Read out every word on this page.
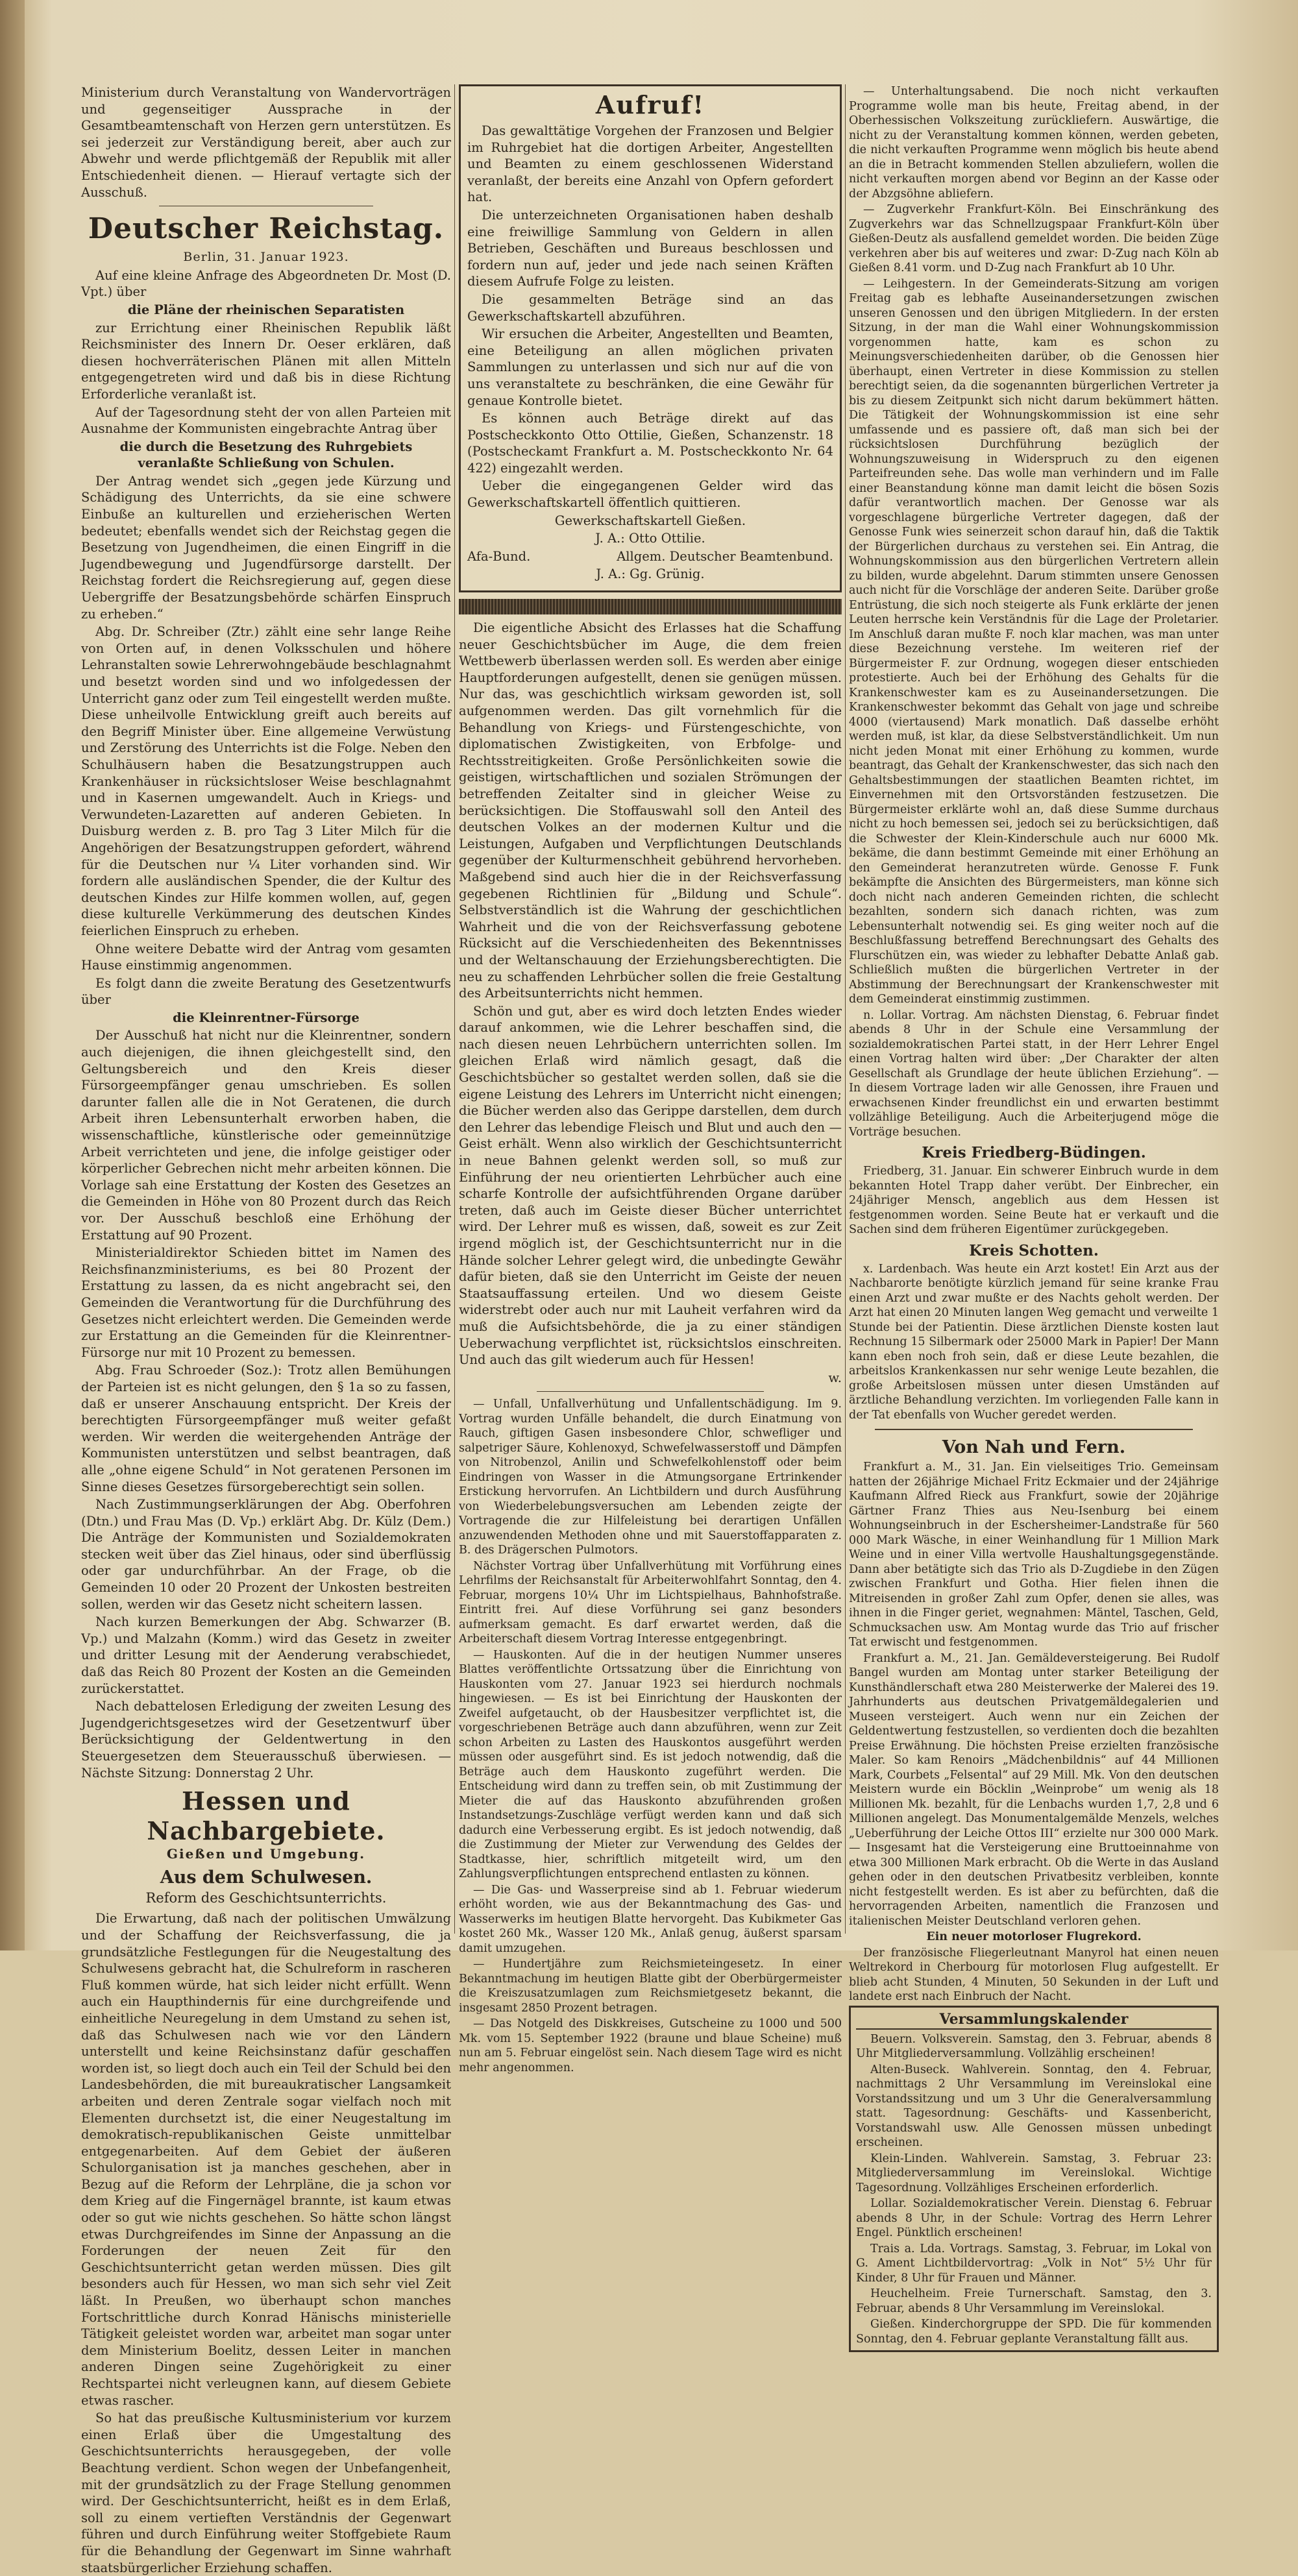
Ministerium durch Veranstaltung von Wandervorträgen und gegenseitiger Aussprache in der Gesamtbeamtenschaft von Herzen gern unterstützen. Es sei jederzeit zur Verständigung bereit, aber auch zur Abwehr und werde pflichtgemäß der Republik mit aller Entschiedenheit dienen. — Hierauf vertagte sich der Ausschuß.

Deutscher Reichstag.

Berlin, 31. Januar 1923.

Auf eine kleine Anfrage des Abgeordneten Dr. Most (D. Vpt.) über

die Pläne der rheinischen Separatisten

zur Errichtung einer Rheinischen Republik läßt Reichsminister des Innern Dr. Oeser erklären, daß diesen hochverräterischen Plänen mit allen Mitteln entgegengetreten wird und daß bis in diese Richtung Erforderliche veranlaßt ist.

Auf der Tagesordnung steht der von allen Parteien mit Ausnahme der Kommunisten eingebrachte Antrag über

die durch die Besetzung des Ruhrgebiets veranlaßte Schließung von Schulen.

Der Antrag wendet sich „gegen jede Kürzung und Schädigung des Unterrichts, da sie eine schwere Einbuße an kulturellen und erzieherischen Werten bedeutet; ebenfalls wendet sich der Reichstag gegen die Besetzung von Jugendheimen, die einen Eingriff in die Jugendbewegung und Jugendfürsorge darstellt. Der Reichstag fordert die Reichsregierung auf, gegen diese Uebergriffe der Besatzungsbehörde schärfen Einspruch zu erheben.“

Abg. Dr. Schreiber (Ztr.) zählt eine sehr lange Reihe von Orten auf, in denen Volksschulen und höhere Lehranstalten sowie Lehrerwohngebäude beschlagnahmt und besetzt worden sind und wo infolgedessen der Unterricht ganz oder zum Teil eingestellt werden mußte. Diese unheilvolle Entwicklung greift auch bereits auf den Begriff Minister über. Eine allgemeine Verwüstung und Zerstörung des Unterrichts ist die Folge. Neben den Schulhäusern haben die Besatzungstruppen auch Krankenhäuser in rücksichtsloser Weise beschlagnahmt und in Kasernen umgewandelt. Auch in Kriegs- und Verwundeten-Lazaretten auf anderen Gebieten. In Duisburg werden z. B. pro Tag 3 Liter Milch für die Angehörigen der Besatzungstruppen gefordert, während für die Deutschen nur ¼ Liter vorhanden sind. Wir fordern alle ausländischen Spender, die der Kultur des deutschen Kindes zur Hilfe kommen wollen, auf, gegen diese kulturelle Verkümmerung des deutschen Kindes feierlichen Einspruch zu erheben.

Ohne weitere Debatte wird der Antrag vom gesamten Hause einstimmig angenommen.

Es folgt dann die zweite Beratung des Gesetzentwurfs über

die Kleinrentner-Fürsorge

Der Ausschuß hat nicht nur die Kleinrentner, sondern auch diejenigen, die ihnen gleichgestellt sind, den Geltungsbereich und den Kreis dieser Fürsorgeempfänger genau umschrieben. Es sollen darunter fallen alle die in Not Geratenen, die durch Arbeit ihren Lebensunterhalt erworben haben, die wissenschaftliche, künstlerische oder gemeinnützige Arbeit verrichteten und jene, die infolge geistiger oder körperlicher Gebrechen nicht mehr arbeiten können. Die Vorlage sah eine Erstattung der Kosten des Gesetzes an die Gemeinden in Höhe von 80 Prozent durch das Reich vor. Der Ausschuß beschloß eine Erhöhung der Erstattung auf 90 Prozent.

Ministerialdirektor Schieden bittet im Namen des Reichsfinanzministeriums, es bei 80 Prozent der Erstattung zu lassen, da es nicht angebracht sei, den Gemeinden die Verantwortung für die Durchführung des Gesetzes nicht erleichtert werden. Die Gemeinden werde zur Erstattung an die Gemeinden für die Kleinrentner-Fürsorge nur mit 10 Prozent zu bemessen.

Abg. Frau Schroeder (Soz.): Trotz allen Bemühungen der Parteien ist es nicht gelungen, den § 1a so zu fassen, daß er unserer Anschauung entspricht. Der Kreis der berechtigten Fürsorgeempfänger muß weiter gefaßt werden. Wir werden die weitergehenden Anträge der Kommunisten unterstützen und selbst beantragen, daß alle „ohne eigene Schuld“ in Not geratenen Personen im Sinne dieses Gesetzes fürsorgeberechtigt sein sollen.

Nach Zustimmungserklärungen der Abg. Oberfohren (Dtn.) und Frau Mas (D. Vp.) erklärt Abg. Dr. Külz (Dem.) Die Anträge der Kommunisten und Sozialdemokraten stecken weit über das Ziel hinaus, oder sind überflüssig oder gar undurchführbar. An der Frage, ob die Gemeinden 10 oder 20 Prozent der Unkosten bestreiten sollen, werden wir das Gesetz nicht scheitern lassen.

Nach kurzen Bemerkungen der Abg. Schwarzer (B. Vp.) und Malzahn (Komm.) wird das Gesetz in zweiter und dritter Lesung mit der Aenderung verabschiedet, daß das Reich 80 Prozent der Kosten an die Gemeinden zurückerstattet.

Nach debattelosen Erledigung der zweiten Lesung des Jugendgerichtsgesetzes wird der Gesetzentwurf über Berücksichtigung der Geldentwertung in den Steuergesetzen dem Steuerausschuß überwiesen. — Nächste Sitzung: Donnerstag 2 Uhr.

Hessen und Nachbargebiete.
Gießen und Umgebung.
Aus dem Schulwesen.
Reform des Geschichtsunterrichts.

Die Erwartung, daß nach der politischen Umwälzung und der Schaffung der Reichsverfassung, die ja grundsätzliche Festlegungen für die Neugestaltung des Schulwesens gebracht hat, die Schulreform in rascheren Fluß kommen würde, hat sich leider nicht erfüllt. Wenn auch ein Haupthindernis für eine durchgreifende und einheitliche Neuregelung in dem Umstand zu sehen ist, daß das Schulwesen nach wie vor den Ländern unterstellt und keine Reichsinstanz dafür geschaffen worden ist, so liegt doch auch ein Teil der Schuld bei den Landesbehörden, die mit bureaukratischer Langsamkeit arbeiten und deren Zentrale sogar vielfach noch mit Elementen durchsetzt ist, die einer Neugestaltung im demokratisch-republikanischen Geiste unmittelbar entgegenarbeiten. Auf dem Gebiet der äußeren Schulorganisation ist ja manches geschehen, aber in Bezug auf die Reform der Lehrpläne, die ja schon vor dem Krieg auf die Fingernägel brannte, ist kaum etwas oder so gut wie nichts geschehen. So hätte schon längst etwas Durchgreifendes im Sinne der Anpassung an die Forderungen der neuen Zeit für den Geschichtsunterricht getan werden müssen. Dies gilt besonders auch für Hessen, wo man sich sehr viel Zeit läßt. In Preußen, wo überhaupt schon manches Fortschrittliche durch Konrad Hänischs ministerielle Tätigkeit geleistet worden war, arbeitet man sogar unter dem Ministerium Boelitz, dessen Leiter in manchen anderen Dingen seine Zugehörigkeit zu einer Rechtspartei nicht verleugnen kann, auf diesem Gebiete etwas rascher.

So hat das preußische Kultusministerium vor kurzem einen Erlaß über die Umgestaltung des Geschichtsunterrichts herausgegeben, der volle Beachtung verdient. Schon wegen der Unbefangenheit, mit der grundsätzlich zu der Frage Stellung genommen wird. Der Geschichtsunterricht, heißt es in dem Erlaß, soll zu einem vertieften Verständnis der Gegenwart führen und durch Einführung weiter Stoffgebiete Raum für die Behandlung der Gegenwart im Sinne wahrhaft staatsbürgerlicher Erziehung schaffen.

Aufruf!

Das gewalttätige Vorgehen der Franzosen und Belgier im Ruhrgebiet hat die dortigen Arbeiter, Angestellten und Beamten zu einem geschlossenen Widerstand veranlaßt, der bereits eine Anzahl von Opfern gefordert hat.

Die unterzeichneten Organisationen haben deshalb eine freiwillige Sammlung von Geldern in allen Betrieben, Geschäften und Bureaus beschlossen und fordern nun auf, jeder und jede nach seinen Kräften diesem Aufrufe Folge zu leisten.

Die gesammelten Beträge sind an das Gewerkschaftskartell abzuführen.

Wir ersuchen die Arbeiter, Angestellten und Beamten, eine Beteiligung an allen möglichen privaten Sammlungen zu unterlassen und sich nur auf die von uns veranstaltete zu beschränken, die eine Gewähr für genaue Kontrolle bietet.

Es können auch Beträge direkt auf das Postscheckkonto Otto Ottilie, Gießen, Schanzenstr. 18 (Postscheckamt Frankfurt a. M. Postscheckkonto Nr. 64 422) eingezahlt werden.

Ueber die eingegangenen Gelder wird das Gewerkschaftskartell öffentlich quittieren.

Gewerkschaftskartell Gießen.

J. A.: Otto Ottilie.

Afa-Bund.	Allgem. Deutscher Beamtenbund.

J. A.: Gg. Grünig.

Die eigentliche Absicht des Erlasses hat die Schaffung neuer Geschichtsbücher im Auge, die dem freien Wettbewerb überlassen werden soll. Es werden aber einige Hauptforderungen aufgestellt, denen sie genügen müssen. Nur das, was geschichtlich wirksam geworden ist, soll aufgenommen werden. Das gilt vornehmlich für die Behandlung von Kriegs- und Fürstengeschichte, von diplomatischen Zwistigkeiten, von Erbfolge- und Rechtsstreitigkeiten. Große Persönlichkeiten sowie die geistigen, wirtschaftlichen und sozialen Strömungen der betreffenden Zeitalter sind in gleicher Weise zu berücksichtigen. Die Stoffauswahl soll den Anteil des deutschen Volkes an der modernen Kultur und die Leistungen, Aufgaben und Verpflichtungen Deutschlands gegenüber der Kulturmenschheit gebührend hervorheben. Maßgebend sind auch hier die in der Reichsverfassung gegebenen Richtlinien für „Bildung und Schule“. Selbstverständlich ist die Wahrung der geschichtlichen Wahrheit und die von der Reichsverfassung gebotene Rücksicht auf die Verschiedenheiten des Bekenntnisses und der Weltanschauung der Erziehungsberechtigten. Die neu zu schaffenden Lehrbücher sollen die freie Gestaltung des Arbeitsunterrichts nicht hemmen.

Schön und gut, aber es wird doch letzten Endes wieder darauf ankommen, wie die Lehrer beschaffen sind, die nach diesen neuen Lehrbüchern unterrichten sollen. Im gleichen Erlaß wird nämlich gesagt, daß die Geschichtsbücher so gestaltet werden sollen, daß sie die eigene Leistung des Lehrers im Unterricht nicht einengen; die Bücher werden also das Gerippe darstellen, dem durch den Lehrer das lebendige Fleisch und Blut und auch den — Geist erhält. Wenn also wirklich der Geschichtsunterricht in neue Bahnen gelenkt werden soll, so muß zur Einführung der neu orientierten Lehrbücher auch eine scharfe Kontrolle der aufsichtführenden Organe darüber treten, daß auch im Geiste dieser Bücher unterrichtet wird. Der Lehrer muß es wissen, daß, soweit es zur Zeit irgend möglich ist, der Geschichtsunterricht nur in die Hände solcher Lehrer gelegt wird, die unbedingte Gewähr dafür bieten, daß sie den Unterricht im Geiste der neuen Staatsauffassung erteilen. Und wo diesem Geiste widerstrebt oder auch nur mit Lauheit verfahren wird da muß die Aufsichtsbehörde, die ja zu einer ständigen Ueberwachung verpflichtet ist, rücksichtslos einschreiten. Und auch das gilt wiederum auch für Hessen!

w.

— Unfall, Unfallverhütung und Unfallentschädigung. Im 9. Vortrag wurden Unfälle behandelt, die durch Einatmung von Rauch, giftigen Gasen insbesondere Chlor, schwefliger und salpetriger Säure, Kohlenoxyd, Schwefelwasserstoff und Dämpfen von Nitrobenzol, Anilin und Schwefelkohlenstoff oder beim Eindringen von Wasser in die Atmungsorgane Ertrinkender Erstickung hervorrufen. An Lichtbildern und durch Ausführung von Wiederbelebungsversuchen am Lebenden zeigte der Vortragende die zur Hilfeleistung bei derartigen Unfällen anzuwendenden Methoden ohne und mit Sauerstoffapparaten z. B. des Drägerschen Pulmotors.

Nächster Vortrag über Unfallverhütung mit Vorführung eines Lehrfilms der Reichsanstalt für Arbeiterwohlfahrt Sonntag, den 4. Februar, morgens 10¼ Uhr im Lichtspielhaus, Bahnhofstraße. Eintritt frei. Auf diese Vorführung sei ganz besonders aufmerksam gemacht. Es darf erwartet werden, daß die Arbeiterschaft diesem Vortrag Interesse entgegenbringt.

— Hauskonten. Auf die in der heutigen Nummer unseres Blattes veröffentlichte Ortssatzung über die Einrichtung von Hauskonten vom 27. Januar 1923 sei hierdurch nochmals hingewiesen. — Es ist bei Einrichtung der Hauskonten der Zweifel aufgetaucht, ob der Hausbesitzer verpflichtet ist, die vorgeschriebenen Beträge auch dann abzuführen, wenn zur Zeit schon Arbeiten zu Lasten des Hauskontos ausgeführt werden müssen oder ausgeführt sind. Es ist jedoch notwendig, daß die Beträge auch dem Hauskonto zugeführt werden. Die Entscheidung wird dann zu treffen sein, ob mit Zustimmung der Mieter die auf das Hauskonto abzuführenden großen Instandsetzungs-Zuschläge verfügt werden kann und daß sich dadurch eine Verbesserung ergibt. Es ist jedoch notwendig, daß die Zustimmung der Mieter zur Verwendung des Geldes der Stadtkasse, hier, schriftlich mitgeteilt wird, um den Zahlungsverpflichtungen entsprechend entlasten zu können.

— Die Gas- und Wasserpreise sind ab 1. Februar wiederum erhöht worden, wie aus der Bekanntmachung des Gas- und Wasserwerks im heutigen Blatte hervorgeht. Das Kubikmeter Gas kostet 260 Mk., Wasser 120 Mk., Anlaß genug, äußerst sparsam damit umzugehen.

— Hundertjähre zum Reichsmieteingesetz. In einer Bekanntmachung im heutigen Blatte gibt der Oberbürgermeister die Kreiszusatzumlagen zum Reichsmietgesetz bekannt, die insgesamt 2850 Prozent betragen.

— Das Notgeld des Diskkreises, Gutscheine zu 1000 und 500 Mk. vom 15. September 1922 (braune und blaue Scheine) muß nun am 5. Februar eingelöst sein. Nach diesem Tage wird es nicht mehr angenommen.

— Unterhaltungsabend. Die noch nicht verkauften Programme wolle man bis heute, Freitag abend, in der Oberhessischen Volkszeitung zurückliefern. Auswärtige, die nicht zu der Veranstaltung kommen können, werden gebeten, die nicht verkauften Programme wenn möglich bis heute abend an die in Betracht kommenden Stellen abzuliefern, wollen die nicht verkauften morgen abend vor Beginn an der Kasse oder der Abzgsöhne abliefern.

— Zugverkehr Frankfurt-Köln. Bei Einschränkung des Zugverkehrs war das Schnellzugspaar Frankfurt-Köln über Gießen-Deutz als ausfallend gemeldet worden. Die beiden Züge verkehren aber bis auf weiteres und zwar: D-Zug nach Köln ab Gießen 8.41 vorm. und D-Zug nach Frankfurt ab 10 Uhr.

— Leihgestern. In der Gemeinderats-Sitzung am vorigen Freitag gab es lebhafte Auseinandersetzungen zwischen unseren Genossen und den übrigen Mitgliedern. In der ersten Sitzung, in der man die Wahl einer Wohnungskommission vorgenommen hatte, kam es schon zu Meinungsverschiedenheiten darüber, ob die Genossen hier überhaupt, einen Vertreter in diese Kommission zu stellen berechtigt seien, da die sogenannten bürgerlichen Vertreter ja bis zu diesem Zeitpunkt sich nicht darum bekümmert hätten. Die Tätigkeit der Wohnungskommission ist eine sehr umfassende und es passiere oft, daß man sich bei der rücksichtslosen Durchführung bezüglich der Wohnungszuweisung in Widerspruch zu den eigenen Parteifreunden sehe. Das wolle man verhindern und im Falle einer Beanstandung könne man damit leicht die bösen Sozis dafür verantwortlich machen. Der Genosse war als vorgeschlagene bürgerliche Vertreter dagegen, daß der Genosse Funk wies seinerzeit schon darauf hin, daß die Taktik der Bürgerlichen durchaus zu verstehen sei. Ein Antrag, die Wohnungskommission aus den bürgerlichen Vertretern allein zu bilden, wurde abgelehnt. Darum stimmten unsere Genossen auch nicht für die Vorschläge der anderen Seite. Darüber große Entrüstung, die sich noch steigerte als Funk erklärte der jenen Leuten herrsche kein Verständnis für die Lage der Proletarier. Im Anschluß daran mußte F. noch klar machen, was man unter diese Bezeichnung verstehe. Im weiteren rief der Bürgermeister F. zur Ordnung, wogegen dieser entschieden protestierte. Auch bei der Erhöhung des Gehalts für die Krankenschwester kam es zu Auseinandersetzungen. Die Krankenschwester bekommt das Gehalt von jage und schreibe 4000 (viertausend) Mark monatlich. Daß dasselbe erhöht werden muß, ist klar, da diese Selbstverständlichkeit. Um nun nicht jeden Monat mit einer Erhöhung zu kommen, wurde beantragt, das Gehalt der Krankenschwester, das sich nach den Gehaltsbestimmungen der staatlichen Beamten richtet, im Einvernehmen mit den Ortsvorständen festzusetzen. Die Bürgermeister erklärte wohl an, daß diese Summe durchaus nicht zu hoch bemessen sei, jedoch sei zu berücksichtigen, daß die Schwester der Klein-Kinderschule auch nur 6000 Mk. bekäme, die dann bestimmt Gemeinde mit einer Erhöhung an den Gemeinderat heranzutreten würde. Genosse F. Funk bekämpfte die Ansichten des Bürgermeisters, man könne sich doch nicht nach anderen Gemeinden richten, die schlecht bezahlten, sondern sich danach richten, was zum Lebensunterhalt notwendig sei. Es ging weiter noch auf die Beschlußfassung betreffend Berechnungsart des Gehalts des Flurschützen ein, was wieder zu lebhafter Debatte Anlaß gab. Schließlich mußten die bürgerlichen Vertreter in der Abstimmung der Berechnungsart der Krankenschwester mit dem Gemeinderat einstimmig zustimmen.

n. Lollar. Vortrag. Am nächsten Dienstag, 6. Februar findet abends 8 Uhr in der Schule eine Versammlung der sozialdemokratischen Partei statt, in der Herr Lehrer Engel einen Vortrag halten wird über: „Der Charakter der alten Gesellschaft als Grundlage der heute üblichen Erziehung“. — In diesem Vortrage laden wir alle Genossen, ihre Frauen und erwachsenen Kinder freundlichst ein und erwarten bestimmt vollzählige Beteiligung. Auch die Arbeiterjugend möge die Vorträge besuchen.

Kreis Friedberg-Büdingen.

Friedberg, 31. Januar. Ein schwerer Einbruch wurde in dem bekannten Hotel Trapp daher verübt. Der Einbrecher, ein 24jähriger Mensch, angeblich aus dem Hessen ist festgenommen worden. Seine Beute hat er verkauft und die Sachen sind dem früheren Eigentümer zurückgegeben.

Kreis Schotten.

x. Lardenbach. Was heute ein Arzt kostet! Ein Arzt aus der Nachbarorte benötigte kürzlich jemand für seine kranke Frau einen Arzt und zwar mußte er des Nachts geholt werden. Der Arzt hat einen 20 Minuten langen Weg gemacht und verweilte 1 Stunde bei der Patientin. Diese ärztlichen Dienste kosten laut Rechnung 15 Silbermark oder 25000 Mark in Papier! Der Mann kann eben noch froh sein, daß er diese Leute bezahlen, die arbeitslos Krankenkassen nur sehr wenige Leute bezahlen, die große Arbeitslosen müssen unter diesen Umständen auf ärztliche Behandlung verzichten. Im vorliegenden Falle kann in der Tat ebenfalls von Wucher geredet werden.

Von Nah und Fern.

Frankfurt a. M., 31. Jan. Ein vielseitiges Trio. Gemeinsam hatten der 26jährige Michael Fritz Eckmaier und der 24jährige Kaufmann Alfred Rieck aus Frankfurt, sowie der 20jährige Gärtner Franz Thies aus Neu-Isenburg bei einem Wohnungseinbruch in der Eschersheimer-Landstraße für 560 000 Mark Wäsche, in einer Weinhandlung für 1 Million Mark Weine und in einer Villa wertvolle Haushaltungsgegenstände. Dann aber betätigte sich das Trio als D-Zugdiebe in den Zügen zwischen Frankfurt und Gotha. Hier fielen ihnen die Mitreisenden in großer Zahl zum Opfer, denen sie alles, was ihnen in die Finger geriet, wegnahmen: Mäntel, Taschen, Geld, Schmucksachen usw. Am Montag wurde das Trio auf frischer Tat erwischt und festgenommen.

Frankfurt a. M., 21. Jan. Gemäldeversteigerung. Bei Rudolf Bangel wurden am Montag unter starker Beteiligung der Kunsthändlerschaft etwa 280 Meisterwerke der Malerei des 19. Jahrhunderts aus deutschen Privatgemäldegalerien und Museen versteigert. Auch wenn nur ein Zeichen der Geldentwertung festzustellen, so verdienten doch die bezahlten Preise Erwähnung. Die höchsten Preise erzielten französische Maler. So kam Renoirs „Mädchenbildnis“ auf 44 Millionen Mark, Courbets „Felsental“ auf 29 Mill. Mk. Von den deutschen Meistern wurde ein Böcklin „Weinprobe“ um wenig als 18 Millionen Mk. bezahlt, für die Lenbachs wurden 1,7, 2,8 und 6 Millionen angelegt. Das Monumentalgemälde Menzels, welches „Ueberführung der Leiche Ottos III“ erzielte nur 300 000 Mark. — Insgesamt hat die Versteigerung eine Bruttoeinnahme von etwa 300 Millionen Mark erbracht. Ob die Werte in das Ausland gehen oder in den deutschen Privatbesitz verbleiben, konnte nicht festgestellt werden. Es ist aber zu befürchten, daß die hervorragenden Arbeiten, namentlich die Franzosen und italienischen Meister Deutschland verloren gehen.

Ein neuer motorloser Flugrekord.

Der französische Fliegerleutnant Manyrol hat einen neuen Weltrekord in Cherbourg für motorlosen Flug aufgestellt. Er blieb acht Stunden, 4 Minuten, 50 Sekunden in der Luft und landete erst nach Einbruch der Nacht.

Versammlungskalender

Beuern. Volksverein. Samstag, den 3. Februar, abends 8 Uhr Mitgliederversammlung. Vollzählig erscheinen!

Alten-Buseck. Wahlverein. Sonntag, den 4. Februar, nachmittags 2 Uhr Versammlung im Vereinslokal eine Vorstandssitzung und um 3 Uhr die Generalversammlung statt. Tagesordnung: Geschäfts- und Kassenbericht, Vorstandswahl usw. Alle Genossen müssen unbedingt erscheinen.

Klein-Linden. Wahlverein. Samstag, 3. Februar 23: Mitgliederversammlung im Vereinslokal. Wichtige Tagesordnung. Vollzähliges Erscheinen erforderlich.

Lollar. Sozialdemokratischer Verein. Dienstag 6. Februar abends 8 Uhr, in der Schule: Vortrag des Herrn Lehrer Engel. Pünktlich erscheinen!

Trais a. Lda. Vortrags. Samstag, 3. Februar, im Lokal von G. Ament Lichtbildervortrag: „Volk in Not“ 5½ Uhr für Kinder, 8 Uhr für Frauen und Männer.

Heuchelheim. Freie Turnerschaft. Samstag, den 3. Februar, abends 8 Uhr Versammlung im Vereinslokal.

Gießen. Kinderchorgruppe der SPD. Die für kommenden Sonntag, den 4. Februar geplante Veranstaltung fällt aus.
